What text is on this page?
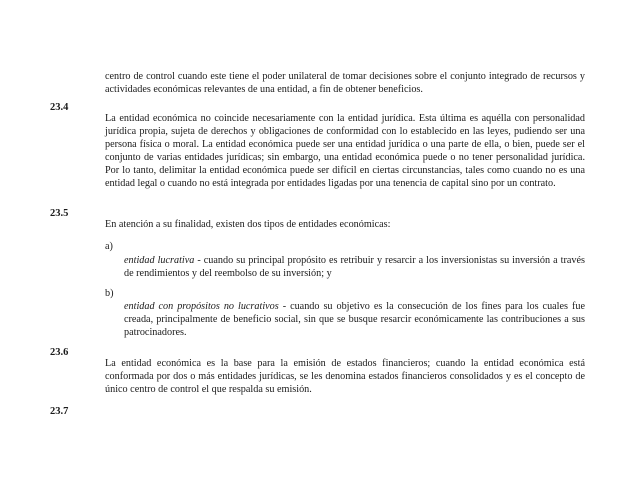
centro de control cuando este tiene el poder unilateral de tomar decisiones sobre el conjunto integrado de recursos y actividades económicas relevantes de una entidad, a fin de obtener beneficios.

23.4

La entidad económica no coincide necesariamente con la entidad jurídica. Esta última es aquélla con personalidad jurídica propia, sujeta de derechos y obligaciones de conformidad con lo establecido en las leyes, pudiendo ser una persona física o moral. La entidad económica puede ser una entidad jurídica o una parte de ella, o bien, puede ser el conjunto de varias entidades jurídicas; sin embargo, una entidad económica puede o no tener personalidad jurídica. Por lo tanto, delimitar la entidad económica puede ser difícil en ciertas circunstancias, tales como cuando no es una entidad legal o cuando no está integrada por entidades ligadas por una tenencia de capital sino por un contrato.

23.5

En atención a su finalidad, existen dos tipos de entidades económicas:

a)

entidad lucrativa - cuando su principal propósito es retribuir y resarcir a los inversionistas su inversión a través de rendimientos y del reembolso de su inversión; y

b)

entidad con propósitos no lucrativos - cuando su objetivo es la consecución de los fines para los cuales fue creada, principalmente de beneficio social, sin que se busque resarcir económicamente las contribuciones a sus patrocinadores.

23.6

La entidad económica es la base para la emisión de estados financieros; cuando la entidad económica está conformada por dos o más entidades jurídicas, se les denomina estados financieros consolidados y es el concepto de único centro de control el que respalda su emisión.

23.7
